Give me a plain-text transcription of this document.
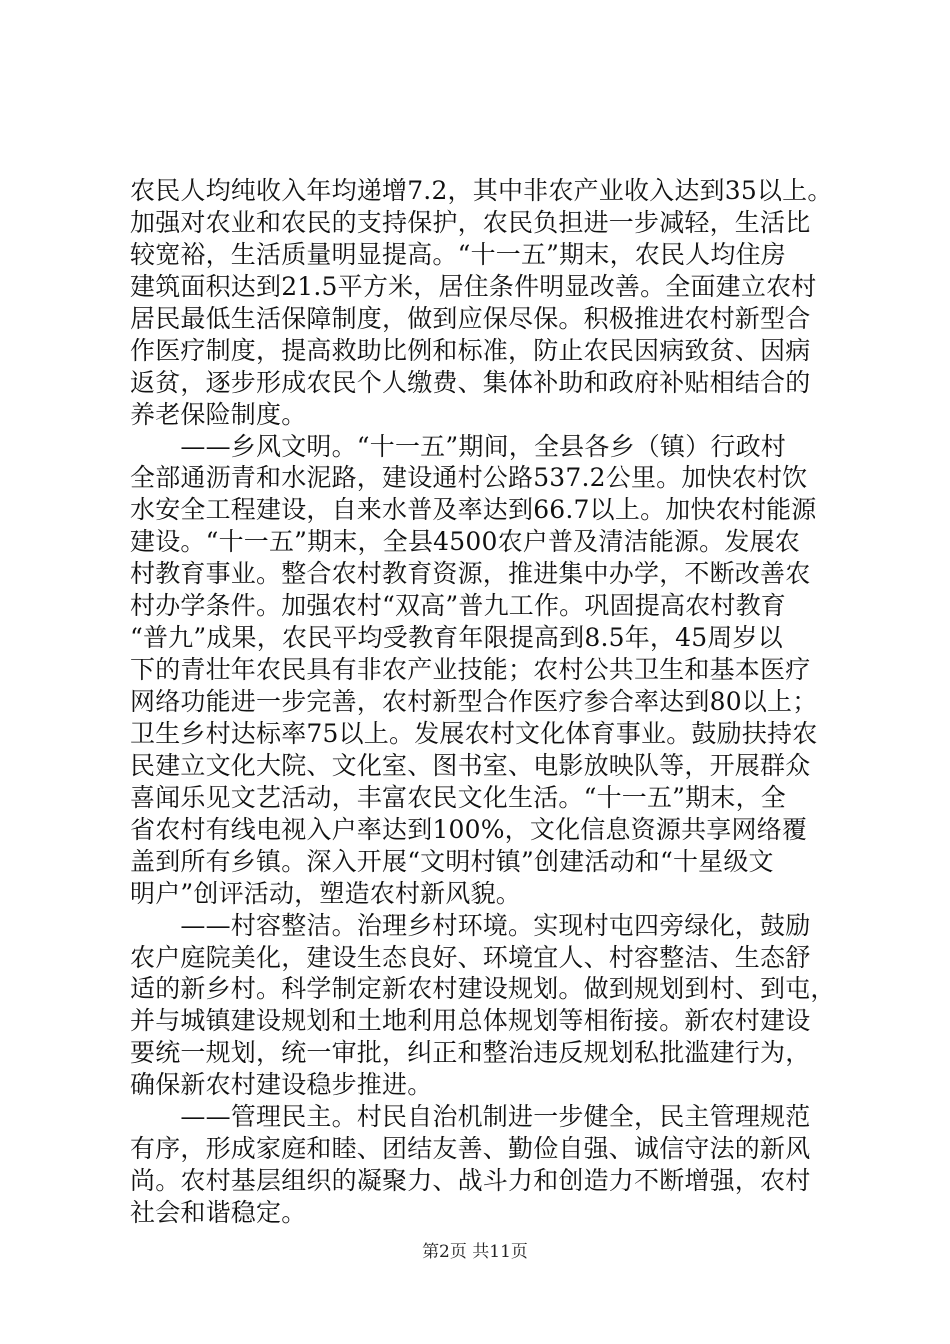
农民人均纯收入年均递增7.2，其中非农产业收入达到35以上。
加强对农业和农民的支持保护，农民负担进一步减轻，生活比
较宽裕，生活质量明显提高。“十一五”期末，农民人均住房
建筑面积达到21.5平方米，居住条件明显改善。全面建立农村
居民最低生活保障制度，做到应保尽保。积极推进农村新型合
作医疗制度，提高救助比例和标准，防止农民因病致贫、因病
返贫，逐步形成农民个人缴费、集体补助和政府补贴相结合的
养老保险制度。
　　——乡风文明。“十一五”期间，全县各乡（镇）行政村
全部通沥青和水泥路，建设通村公路537.2公里。加快农村饮
水安全工程建设，自来水普及率达到66.7以上。加快农村能源
建设。“十一五”期末，全县4500农户普及清洁能源。发展农
村教育事业。整合农村教育资源，推进集中办学，不断改善农
村办学条件。加强农村“双高”普九工作。巩固提高农村教育
“普九”成果，农民平均受教育年限提高到8.5年，45周岁以
下的青壮年农民具有非农产业技能；农村公共卫生和基本医疗
网络功能进一步完善，农村新型合作医疗参合率达到80以上；
卫生乡村达标率75以上。发展农村文化体育事业。鼓励扶持农
民建立文化大院、文化室、图书室、电影放映队等，开展群众
喜闻乐见文艺活动，丰富农民文化生活。“十一五”期末，全
省农村有线电视入户率达到100%，文化信息资源共享网络覆
盖到所有乡镇。深入开展“文明村镇”创建活动和“十星级文
明户”创评活动，塑造农村新风貌。
　　——村容整洁。治理乡村环境。实现村屯四旁绿化，鼓励
农户庭院美化，建设生态良好、环境宜人、村容整洁、生态舒
适的新乡村。科学制定新农村建设规划。做到规划到村、到屯，
并与城镇建设规划和土地利用总体规划等相衔接。新农村建设
要统一规划，统一审批，纠正和整治违反规划私批滥建行为，
确保新农村建设稳步推进。
　　——管理民主。村民自治机制进一步健全，民主管理规范
有序，形成家庭和睦、团结友善、勤俭自强、诚信守法的新风
尚。农村基层组织的凝聚力、战斗力和创造力不断增强，农村
社会和谐稳定。
第2页 共11页
